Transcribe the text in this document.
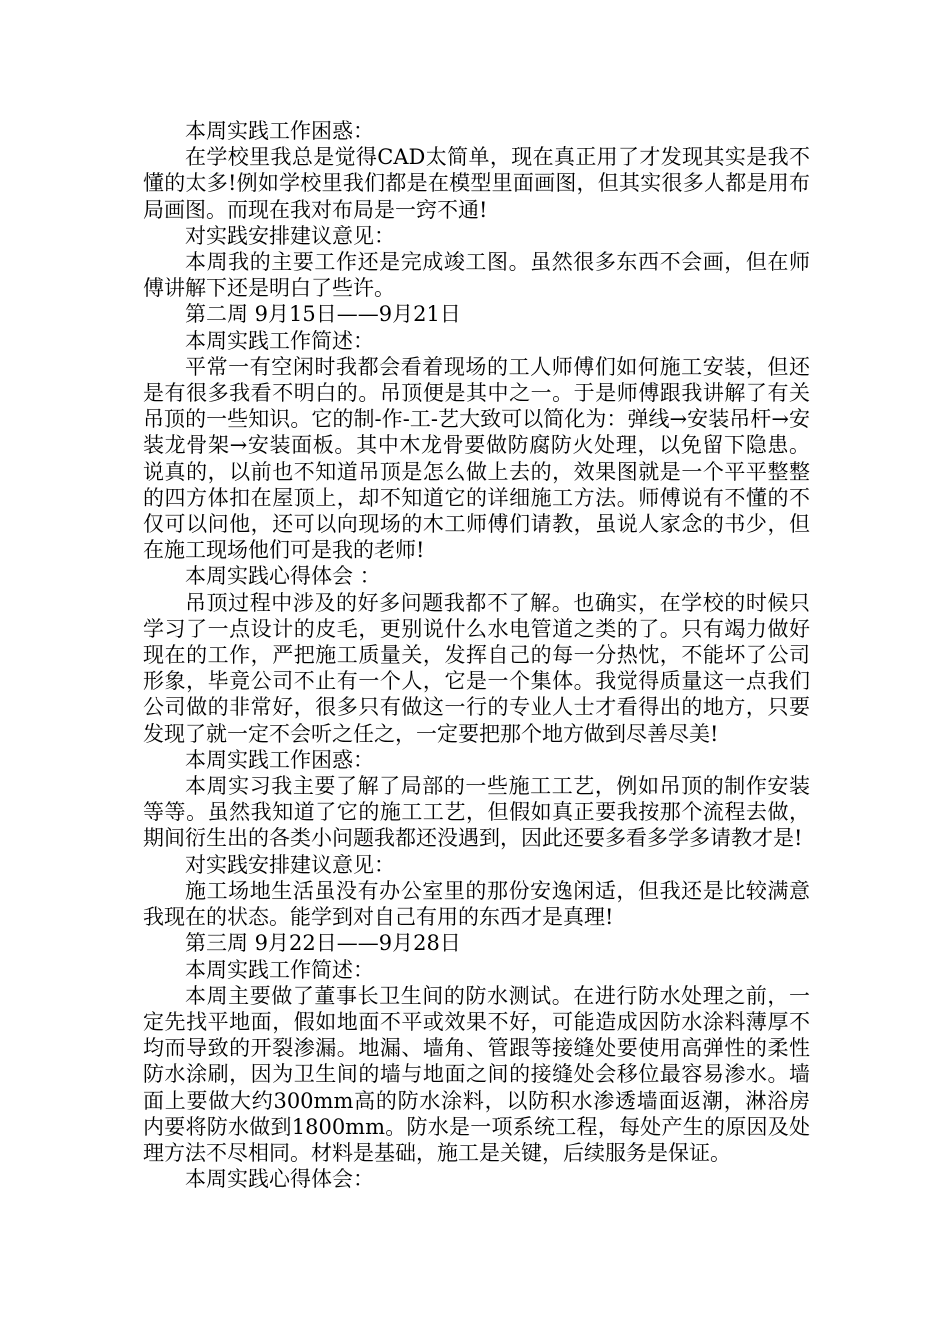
本周实践工作困惑：

在学校里我总是觉得CAD太简单，现在真正用了才发现其实是我不懂的太多!例如学校里我们都是在模型里面画图，但其实很多人都是用布局画图。而现在我对布局是一窍不通!

对实践安排建议意见：

本周我的主要工作还是完成竣工图。虽然很多东西不会画，但在师傅讲解下还是明白了些许。

第二周 9月15日——9月21日

本周实践工作简述：

平常一有空闲时我都会看着现场的工人师傅们如何施工安装，但还是有很多我看不明白的。吊顶便是其中之一。于是师傅跟我讲解了有关吊顶的一些知识。它的制-作-工-艺大致可以简化为：弹线→安装吊杆→安装龙骨架→安装面板。其中木龙骨要做防腐防火处理，以免留下隐患。说真的，以前也不知道吊顶是怎么做上去的，效果图就是一个平平整整的四方体扣在屋顶上，却不知道它的详细施工方法。师傅说有不懂的不仅可以问他，还可以向现场的木工师傅们请教，虽说人家念的书少，但在施工现场他们可是我的老师!

本周实践心得体会 ：

吊顶过程中涉及的好多问题我都不了解。也确实，在学校的时候只学习了一点设计的皮毛，更别说什么水电管道之类的了。只有竭力做好现在的工作，严把施工质量关，发挥自己的每一分热忱，不能坏了公司形象，毕竟公司不止有一个人，它是一个集体。我觉得质量这一点我们公司做的非常好，很多只有做这一行的专业人士才看得出的地方，只要发现了就一定不会听之任之，一定要把那个地方做到尽善尽美!

本周实践工作困惑：

本周实习我主要了解了局部的一些施工工艺，例如吊顶的制作安装等等。虽然我知道了它的施工工艺，但假如真正要我按那个流程去做，期间衍生出的各类小问题我都还没遇到，因此还要多看多学多请教才是!

对实践安排建议意见：

施工场地生活虽没有办公室里的那份安逸闲适，但我还是比较满意我现在的状态。能学到对自己有用的东西才是真理!

第三周 9月22日——9月28日

本周实践工作简述：

本周主要做了董事长卫生间的防水测试。在进行防水处理之前，一定先找平地面，假如地面不平或效果不好，可能造成因防水涂料薄厚不均而导致的开裂渗漏。地漏、墙角、管跟等接缝处要使用高弹性的柔性防水涂刷，因为卫生间的墙与地面之间的接缝处会移位最容易渗水。墙面上要做大约300mm高的防水涂料，以防积水渗透墙面返潮，淋浴房内要将防水做到1800mm。防水是一项系统工程，每处产生的原因及处理方法不尽相同。材料是基础，施工是关键，后续服务是保证。

本周实践心得体会：
